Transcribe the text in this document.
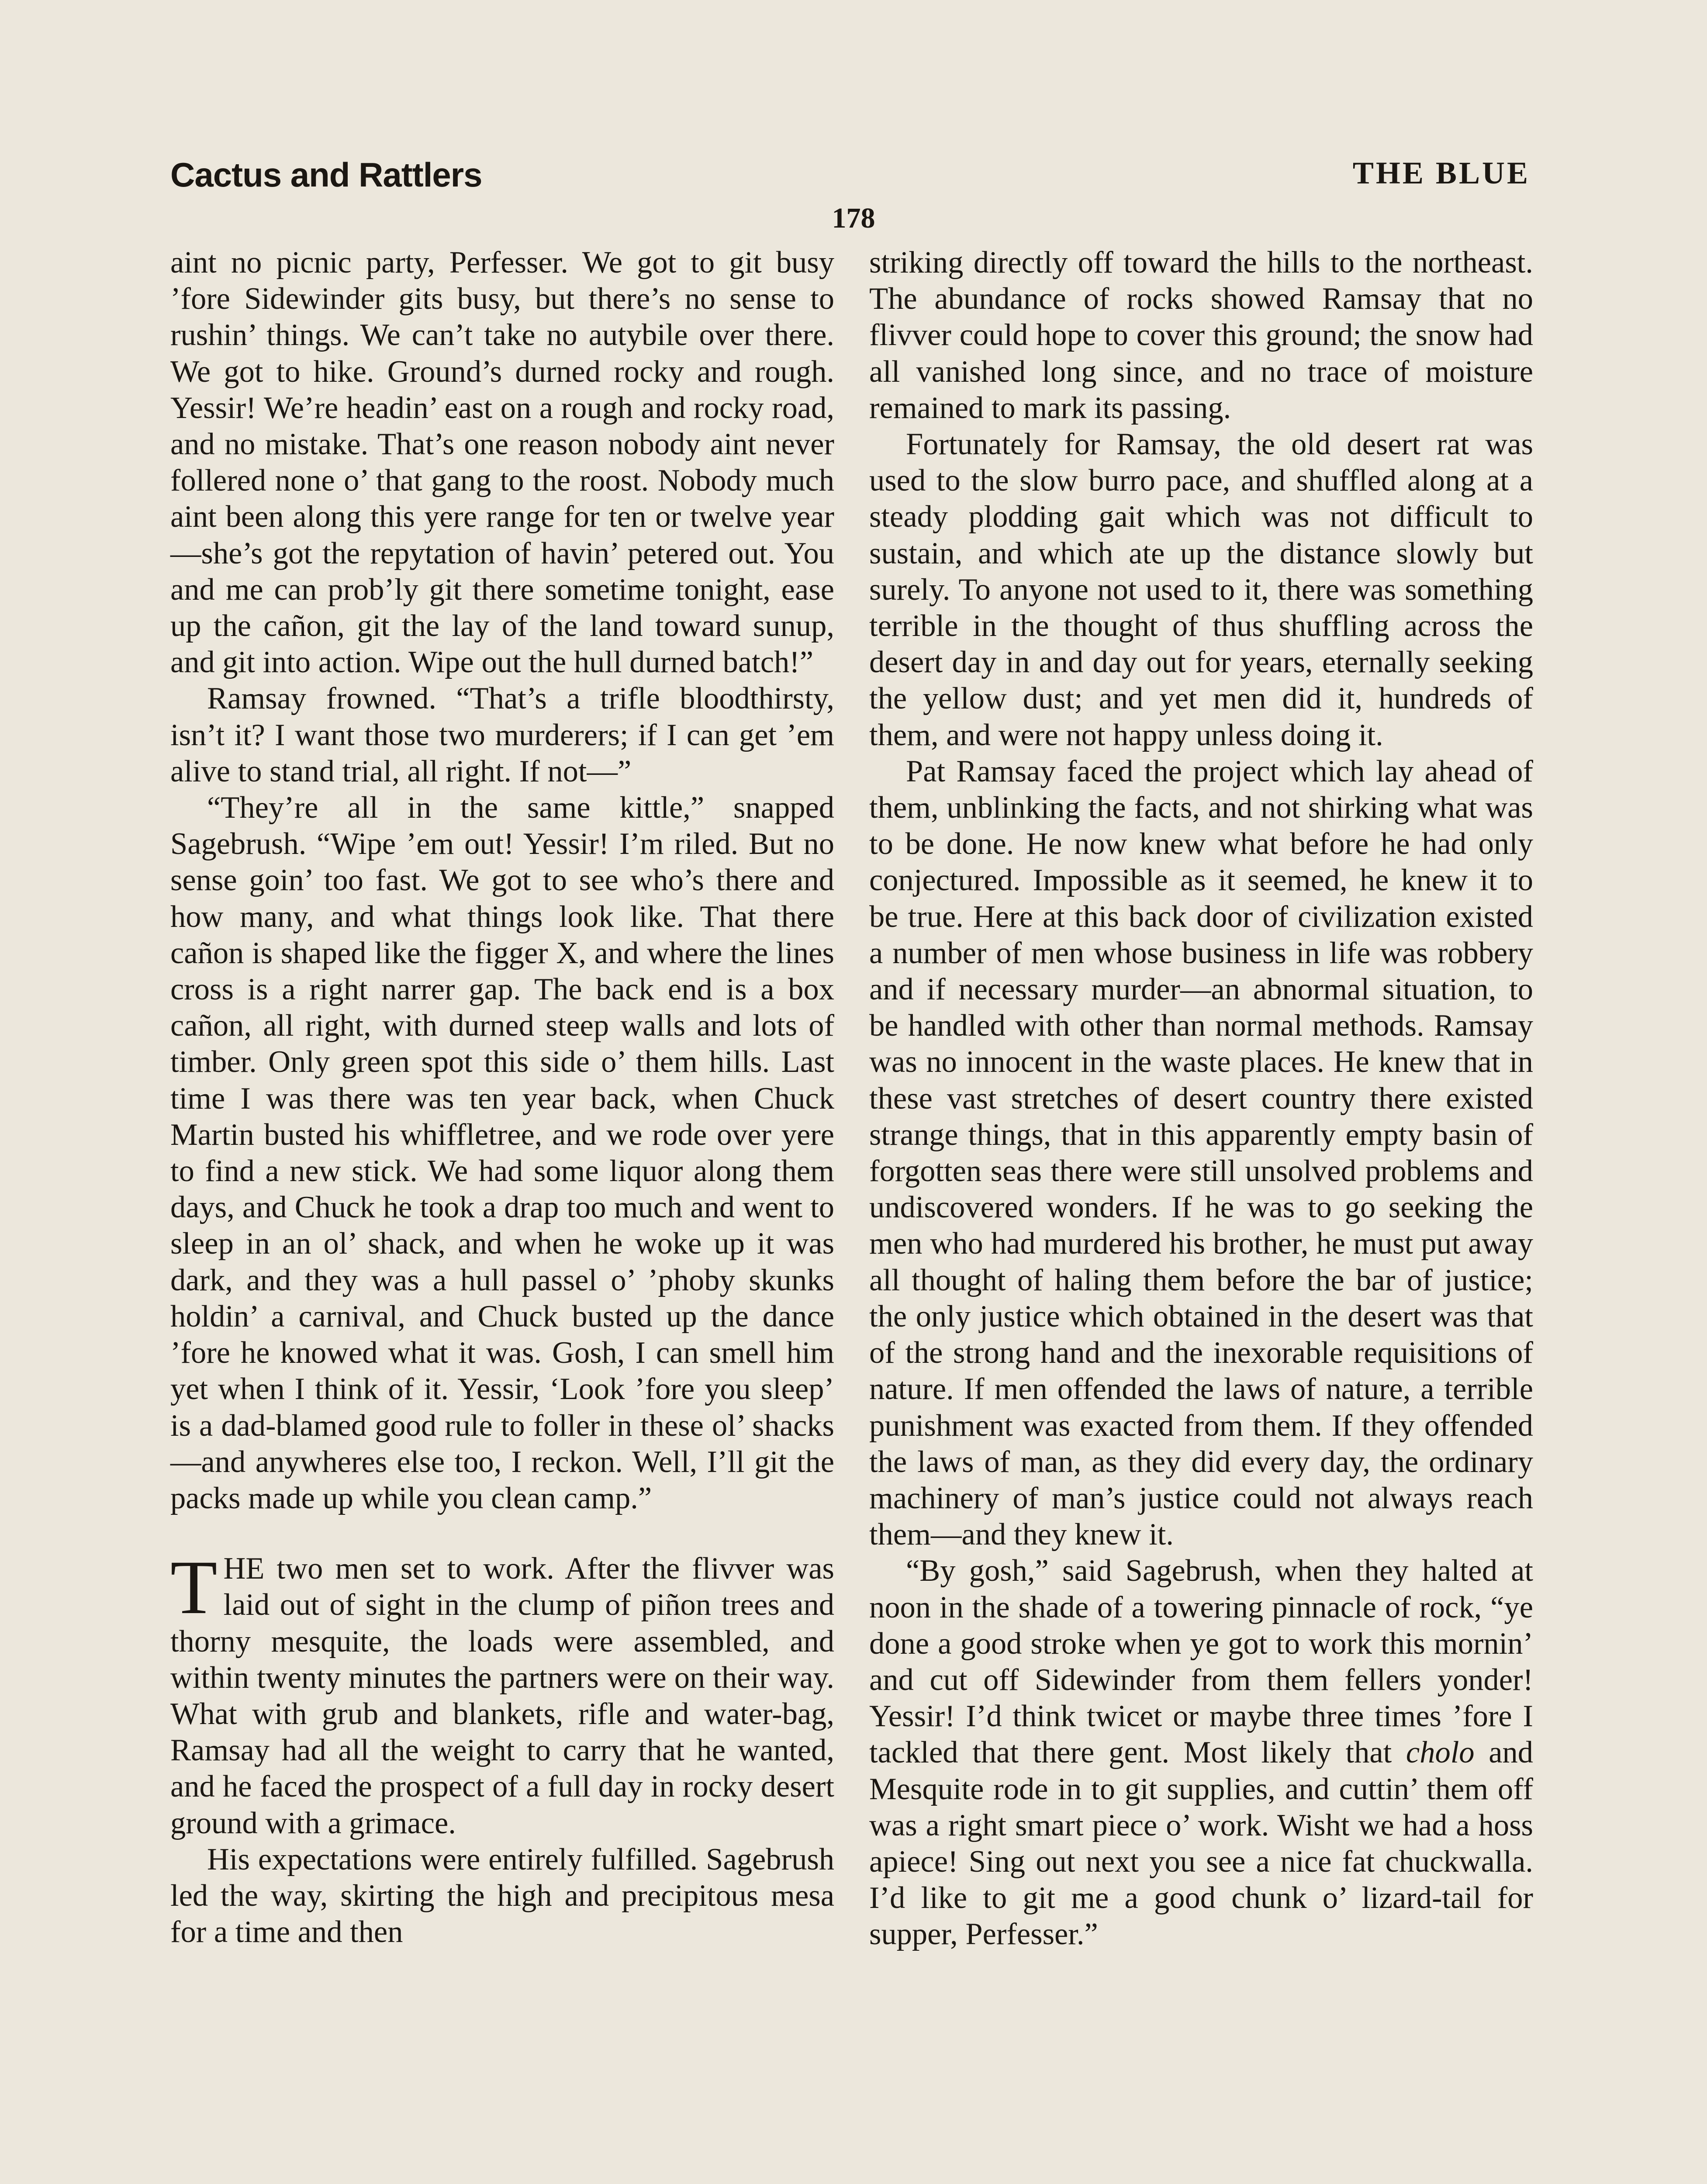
Cactus and Rattlers	THE BLUE
178

aint no picnic party, Perfesser. We got to git busy ’fore Sidewinder gits busy, but there’s no sense to rushin’ things. We can’t take no autybile over there. We got to hike. Ground’s durned rocky and rough. Yessir! We’re headin’ east on a rough and rocky road, and no mistake. That’s one reason nobody aint never follered none o’ that gang to the roost. Nobody much aint been along this yere range for ten or twelve year—she’s got the repytation of havin’ petered out. You and me can prob’ly git there sometime tonight, ease up the cañon, git the lay of the land toward sunup, and git into action. Wipe out the hull durned batch!”

Ramsay frowned. “That’s a trifle bloodthirsty, isn’t it? I want those two murderers; if I can get ’em alive to stand trial, all right. If not—”

“They’re all in the same kittle,” snapped Sagebrush. “Wipe ’em out! Yessir! I’m riled. But no sense goin’ too fast. We got to see who’s there and how many, and what things look like. That there cañon is shaped like the figger X, and where the lines cross is a right narrer gap. The back end is a box cañon, all right, with durned steep walls and lots of timber. Only green spot this side o’ them hills. Last time I was there was ten year back, when Chuck Martin busted his whiffletree, and we rode over yere to find a new stick. We had some liquor along them days, and Chuck he took a drap too much and went to sleep in an ol’ shack, and when he woke up it was dark, and they was a hull passel o’ ’phoby skunks holdin’ a carnival, and Chuck busted up the dance ’fore he knowed what it was. Gosh, I can smell him yet when I think of it. Yessir, ‘Look ’fore you sleep’ is a dad-blamed good rule to foller in these ol’ shacks—and anywheres else too, I reckon. Well, I’ll git the packs made up while you clean camp.”

THE two men set to work. After the flivver was laid out of sight in the clump of piñon trees and thorny mesquite, the loads were assembled, and within twenty minutes the partners were on their way. What with grub and blankets, rifle and water-bag, Ramsay had all the weight to carry that he wanted, and he faced the prospect of a full day in rocky desert ground with a grimace.

His expectations were entirely fulfilled. Sagebrush led the way, skirting the high and precipitous mesa for a time and then

striking directly off toward the hills to the northeast. The abundance of rocks showed Ramsay that no flivver could hope to cover this ground; the snow had all vanished long since, and no trace of moisture remained to mark its passing.

Fortunately for Ramsay, the old desert rat was used to the slow burro pace, and shuffled along at a steady plodding gait which was not difficult to sustain, and which ate up the distance slowly but surely. To anyone not used to it, there was something terrible in the thought of thus shuffling across the desert day in and day out for years, eternally seeking the yellow dust; and yet men did it, hundreds of them, and were not happy unless doing it.

Pat Ramsay faced the project which lay ahead of them, unblinking the facts, and not shirking what was to be done. He now knew what before he had only conjectured. Impossible as it seemed, he knew it to be true. Here at this back door of civilization existed a number of men whose business in life was robbery and if necessary murder—an abnormal situation, to be handled with other than normal methods. Ramsay was no innocent in the waste places. He knew that in these vast stretches of desert country there existed strange things, that in this apparently empty basin of forgotten seas there were still unsolved problems and undiscovered wonders. If he was to go seeking the men who had murdered his brother, he must put away all thought of haling them before the bar of justice; the only justice which obtained in the desert was that of the strong hand and the inexorable requisitions of nature. If men offended the laws of nature, a terrible punishment was exacted from them. If they offended the laws of man, as they did every day, the ordinary machinery of man’s justice could not always reach them—and they knew it.

“By gosh,” said Sagebrush, when they halted at noon in the shade of a towering pinnacle of rock, “ye done a good stroke when ye got to work this mornin’ and cut off Sidewinder from them fellers yonder! Yessir! I’d think twicet or maybe three times ’fore I tackled that there gent. Most likely that cholo and Mesquite rode in to git supplies, and cuttin’ them off was a right smart piece o’ work. Wisht we had a hoss apiece! Sing out next you see a nice fat chuckwalla. I’d like to git me a good chunk o’ lizard-tail for supper, Perfesser.”
